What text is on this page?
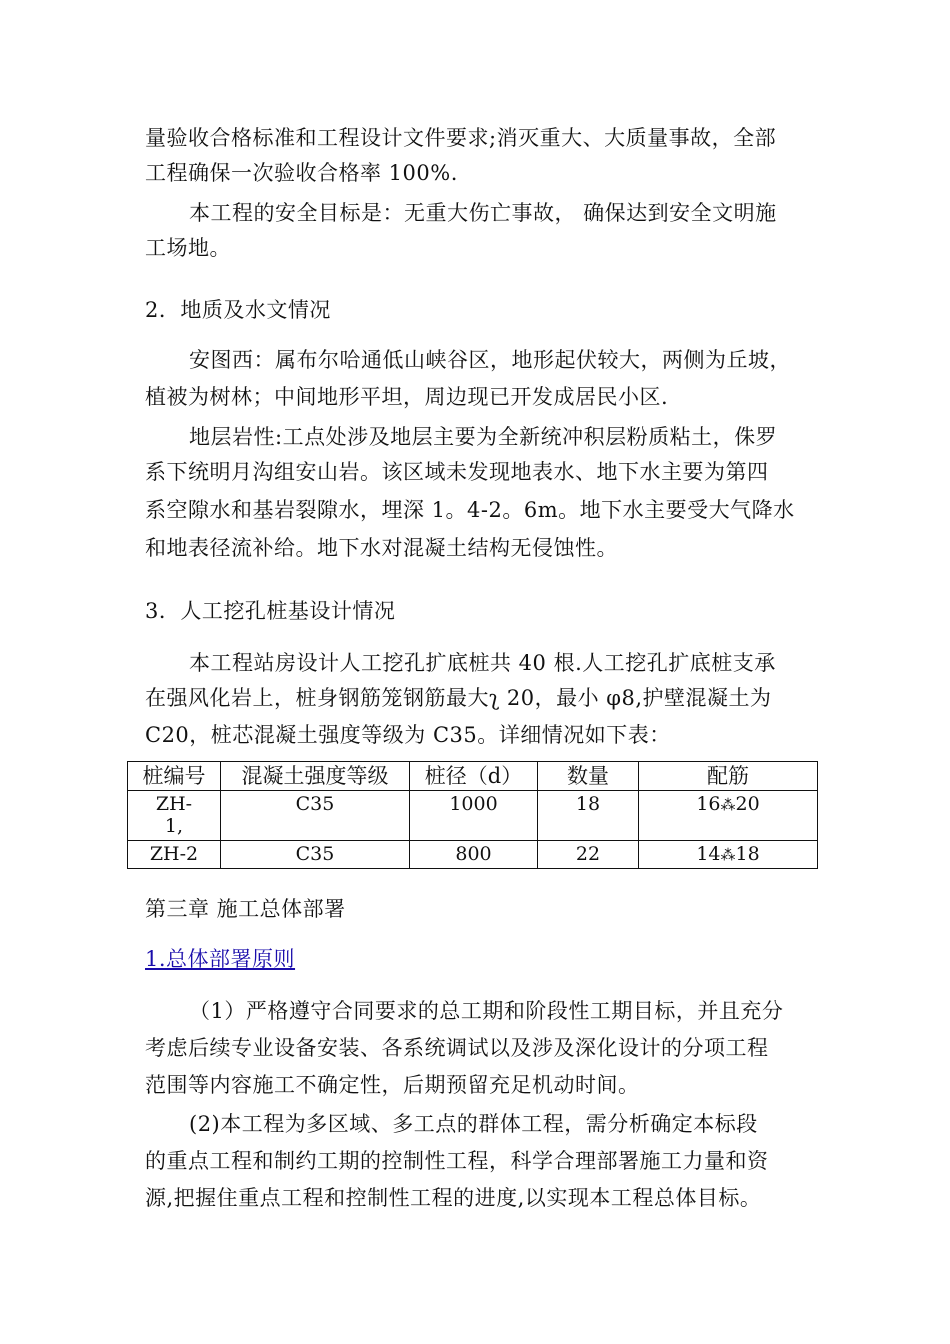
量验收合格标准和工程设计文件要求;消灭重大、大质量事故，全部
工程确保一次验收合格率 100%.
本工程的安全目标是：无重大伤亡事故， 确保达到安全文明施
工场地。
2．地质及水文情况
安图西：属布尔哈通低山峡谷区，地形起伏较大，两侧为丘坡，
植被为树林；中间地形平坦，周边现已开发成居民小区.
地层岩性:工点处涉及地层主要为全新统冲积层粉质粘土，侏罗
系下统明月沟组安山岩。该区域未发现地表水、地下水主要为第四
系空隙水和基岩裂隙水，埋深 1。4-2。6m。地下水主要受大气降水
和地表径流补给。地下水对混凝土结构无侵蚀性。
3．人工挖孔桩基设计情况
本工程站房设计人工挖孔扩底桩共 40 根.人工挖孔扩底桩支承
在强风化岩上，桩身钢筋笼钢筋最大ʅ 20，最小 φ8,护壁混凝土为
C20，桩芯混凝土强度等级为 C35。详细情况如下表：
桩编号	混凝土强度等级	桩径（d）	数量	配筋

ZH-
1,	C35	1000	18	16⁂20
ZH-2	C35	800	22	14⁂18
第三章 施工总体部署
1.总体部署原则
（1）严格遵守合同要求的总工期和阶段性工期目标，并且充分
考虑后续专业设备安装、各系统调试以及涉及深化设计的分项工程
范围等内容施工不确定性，后期预留充足机动时间。
(2)本工程为多区域、多工点的群体工程，需分析确定本标段
的重点工程和制约工期的控制性工程，科学合理部署施工力量和资
源,把握住重点工程和控制性工程的进度,以实现本工程总体目标。
